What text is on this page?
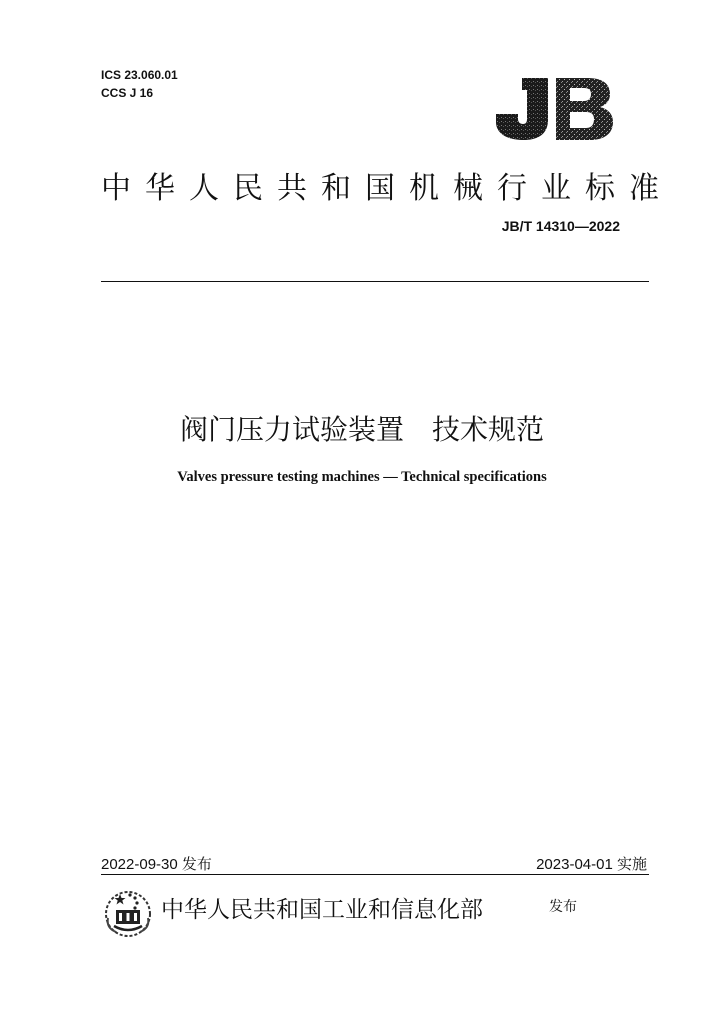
ICS 23.060.01
CCS J 16
中华人民共和国机械行业标准
JB/T 14310—2022
阀门压力试验装置　技术规范
Valves pressure testing machines — Technical specifications
2022-09-30 发布	2023-04-01 实施
中华人民共和国工业和信息化部	发布
